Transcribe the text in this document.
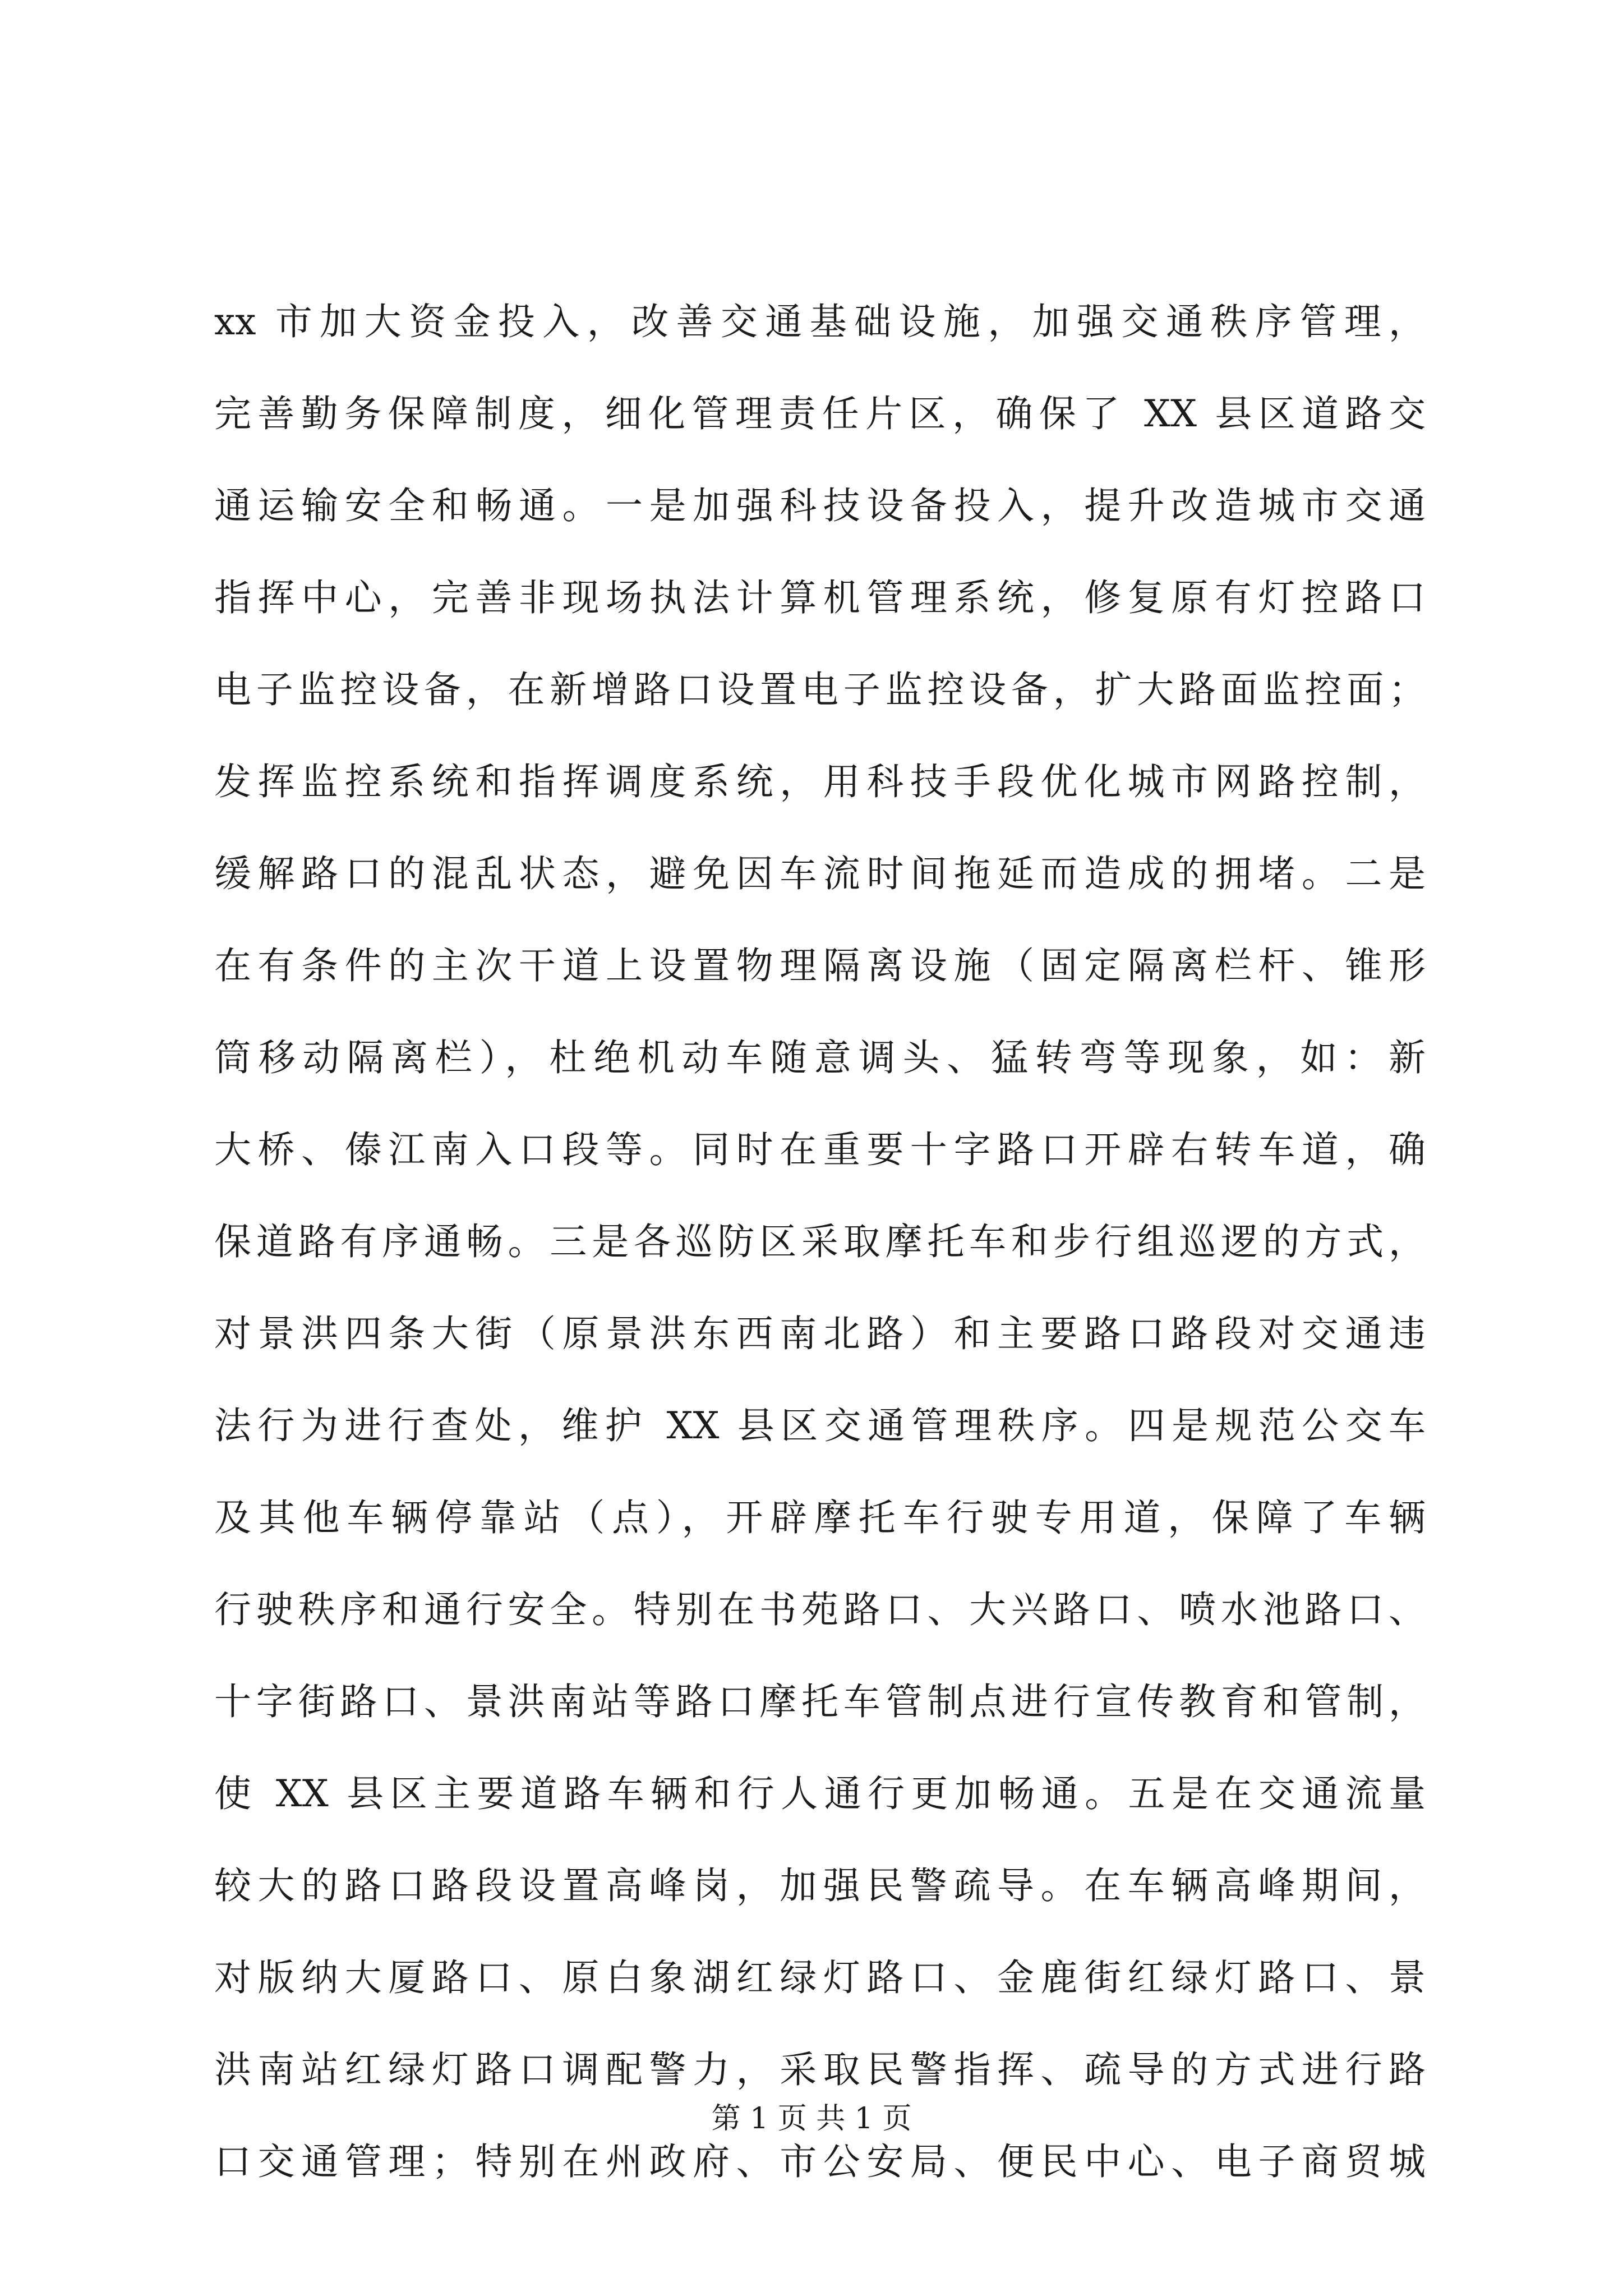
xx 市加大资金投入，改善交通基础设施，加强交通秩序管理，
完善勤务保障制度，细化管理责任片区，确保了 XX 县区道路交
通运输安全和畅通。一是加强科技设备投入，提升改造城市交通
指挥中心，完善非现场执法计算机管理系统，修复原有灯控路口
电子监控设备，在新增路口设置电子监控设备，扩大路面监控面；
发挥监控系统和指挥调度系统，用科技手段优化城市网路控制，
缓解路口的混乱状态，避免因车流时间拖延而造成的拥堵。二是
在有条件的主次干道上设置物理隔离设施（固定隔离栏杆、锥形
筒移动隔离栏），杜绝机动车随意调头、猛转弯等现象，如：新
大桥、傣江南入口段等。同时在重要十字路口开辟右转车道，确
保道路有序通畅。三是各巡防区采取摩托车和步行组巡逻的方式，
对景洪四条大街（原景洪东西南北路）和主要路口路段对交通违
法行为进行查处，维护 XX 县区交通管理秩序。四是规范公交车
及其他车辆停靠站（点），开辟摩托车行驶专用道，保障了车辆
行驶秩序和通行安全。特别在书苑路口、大兴路口、喷水池路口、
十字街路口、景洪南站等路口摩托车管制点进行宣传教育和管制，
使 XX 县区主要道路车辆和行人通行更加畅通。五是在交通流量
较大的路口路段设置高峰岗，加强民警疏导。在车辆高峰期间，
对版纳大厦路口、原白象湖红绿灯路口、金鹿街红绿灯路口、景
洪南站红绿灯路口调配警力，采取民警指挥、疏导的方式进行路
口交通管理；特别在州政府、市公安局、便民中心、电子商贸城
第 1 页 共 1 页
